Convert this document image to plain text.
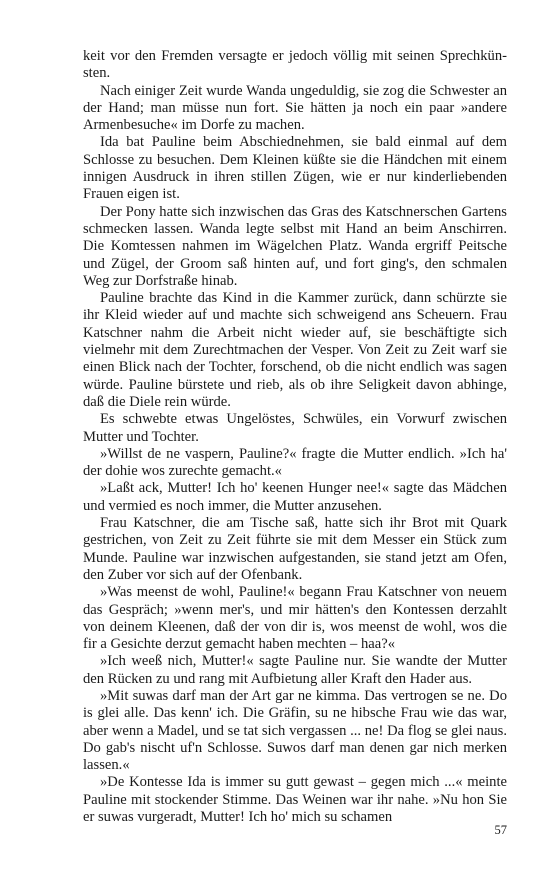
keit vor den Fremden versagte er jedoch völlig mit seinen Sprechkünsten.

Nach einiger Zeit wurde Wanda ungeduldig, sie zog die Schwester an der Hand; man müsse nun fort. Sie hätten ja noch ein paar »andere Armenbesuche« im Dorfe zu machen.

Ida bat Pauline beim Abschiednehmen, sie bald einmal auf dem Schlosse zu besuchen. Dem Kleinen küßte sie die Händchen mit einem innigen Ausdruck in ihren stillen Zügen, wie er nur kinderliebenden Frauen eigen ist.

Der Pony hatte sich inzwischen das Gras des Katschnerschen Gartens schmecken lassen. Wanda legte selbst mit Hand an beim Anschirren. Die Komtessen nahmen im Wägelchen Platz. Wanda ergriff Peitsche und Zügel, der Groom saß hinten auf, und fort ging's, den schmalen Weg zur Dorfstraße hinab.

Pauline brachte das Kind in die Kammer zurück, dann schürzte sie ihr Kleid wieder auf und machte sich schweigend ans Scheuern. Frau Katschner nahm die Arbeit nicht wieder auf, sie beschäftigte sich vielmehr mit dem Zurechtmachen der Vesper. Von Zeit zu Zeit warf sie einen Blick nach der Tochter, forschend, ob die nicht endlich was sagen würde. Pauline bürstete und rieb, als ob ihre Seligkeit davon abhinge, daß die Diele rein würde.

Es schwebte etwas Ungelöstes, Schwüles, ein Vorwurf zwischen Mutter und Tochter.

»Willst de ne vaspern, Pauline?« fragte die Mutter endlich. »Ich ha' der dohie wos zurechte gemacht.«

»Laßt ack, Mutter! Ich ho' keenen Hunger nee!« sagte das Mädchen und vermied es noch immer, die Mutter anzusehen.

Frau Katschner, die am Tische saß, hatte sich ihr Brot mit Quark gestrichen, von Zeit zu Zeit führte sie mit dem Messer ein Stück zum Munde. Pauline war inzwischen aufgestanden, sie stand jetzt am Ofen, den Zuber vor sich auf der Ofenbank.

»Was meenst de wohl, Pauline!« begann Frau Katschner von neuem das Gespräch; »wenn mer's, und mir hätten's den Kontessen derzahlt von deinem Kleenen, daß der von dir is, wos meenst de wohl, wos die fir a Gesichte derzut gemacht haben mechten – haa?«

»Ich weeß nich, Mutter!« sagte Pauline nur. Sie wandte der Mutter den Rücken zu und rang mit Aufbietung aller Kraft den Hader aus.

»Mit suwas darf man der Art gar ne kimma. Das vertrogen se ne. Do is glei alle. Das kenn' ich. Die Gräfin, su ne hibsche Frau wie das war, aber wenn a Madel, und se tat sich vergassen ... ne! Da flog se glei naus. Do gab's nischt uf'n Schlosse. Suwos darf man denen gar nich merken lassen.«

»De Kontesse Ida is immer su gutt gewast – gegen mich ...« meinte Pauline mit stockender Stimme. Das Weinen war ihr nahe. »Nu hon Sie er suwas vurgeradt, Mutter! Ich ho' mich su schamen

57
